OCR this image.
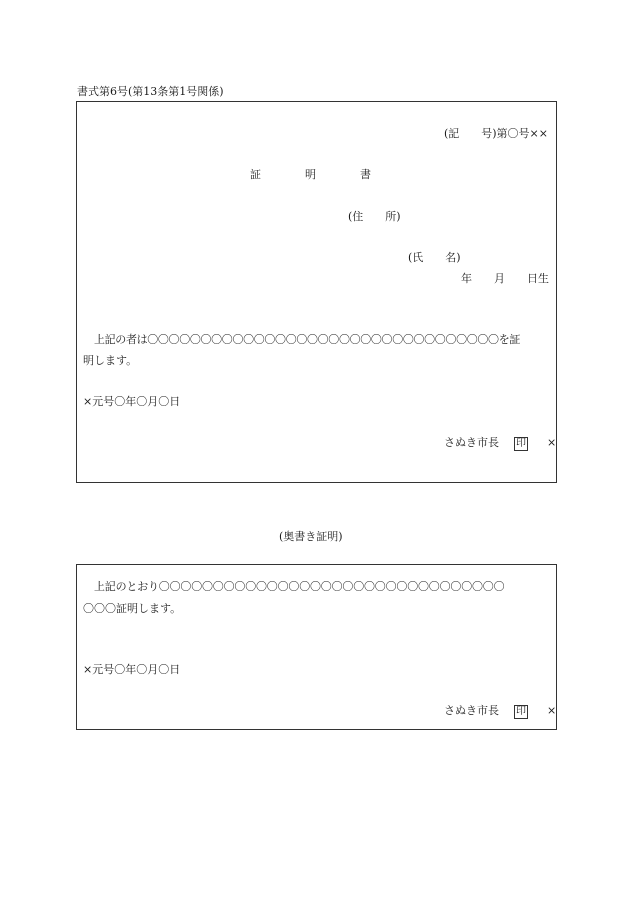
書式第6号(第13条第1号関係)
(記　　号)第〇号××
証　　　　明　　　　書
(住　　所)
(氏　　名)
年　　月　　日生
上記の者は〇〇〇〇〇〇〇〇〇〇〇〇〇〇〇〇〇〇〇〇〇〇〇〇〇〇〇〇〇〇〇〇〇を証
明します。
×元号〇年〇月〇日
さぬき市長 印 ×
(奥書き証明)
上記のとおり〇〇〇〇〇〇〇〇〇〇〇〇〇〇〇〇〇〇〇〇〇〇〇〇〇〇〇〇〇〇〇〇
〇〇〇証明します。
×元号〇年〇月〇日
さぬき市長 印 ×
